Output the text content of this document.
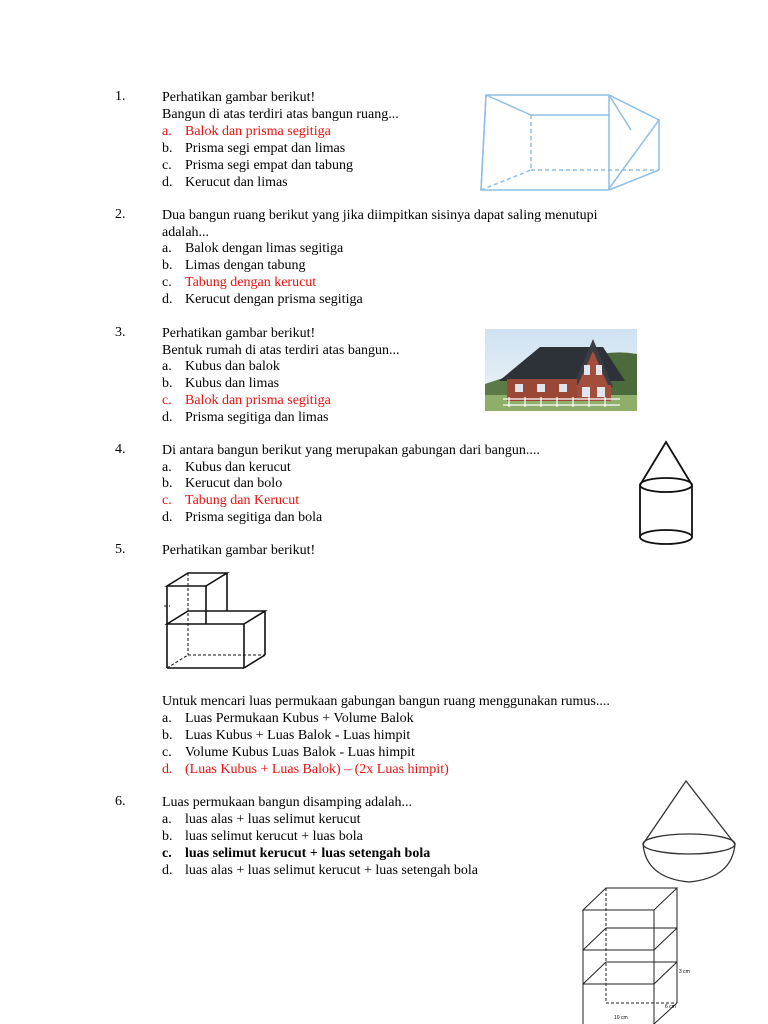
1.	Perhatikan gambar berikut!
Bangun di atas terdiri atas bangun ruang...
a. Balok dan prisma segitiga
b. Prisma segi empat dan limas
c. Prisma segi empat dan tabung
d. Kerucut dan limas
2.	Dua bangun ruang berikut yang jika diimpitkan sisinya dapat saling menutupi
adalah...
a. Balok dengan limas segitiga
b. Limas dengan tabung
c. Tabung dengan kerucut
d. Kerucut dengan prisma segitiga
3.	Perhatikan gambar berikut!
Bentuk rumah di atas terdiri atas bangun...
a. Kubus dan balok
b. Kubus dan limas
c. Balok dan prisma segitiga
d. Prisma segitiga dan limas
4.	Di antara bangun berikut yang merupakan gabungan dari bangun....
a. Kubus dan kerucut
b. Kerucut dan bolo
c. Tabung dan Kerucut
d. Prisma segitiga dan bola
5.	Perhatikan gambar berikut!
Untuk mencari luas permukaan gabungan bangun ruang menggunakan rumus....
a. Luas Permukaan Kubus + Volume Balok
b. Luas Kubus + Luas Balok - Luas himpit
c. Volume Kubus Luas Balok - Luas himpit
d. (Luas Kubus + Luas Balok) – (2x Luas himpit)
6.	Luas permukaan bangun disamping adalah...
a. luas alas + luas selimut kerucut
b. luas selimut kerucut + luas bola
c. luas selimut kerucut + luas setengah bola
d. luas alas + luas selimut kerucut + luas setengah bola
3 cm
6 cm
10 cm
